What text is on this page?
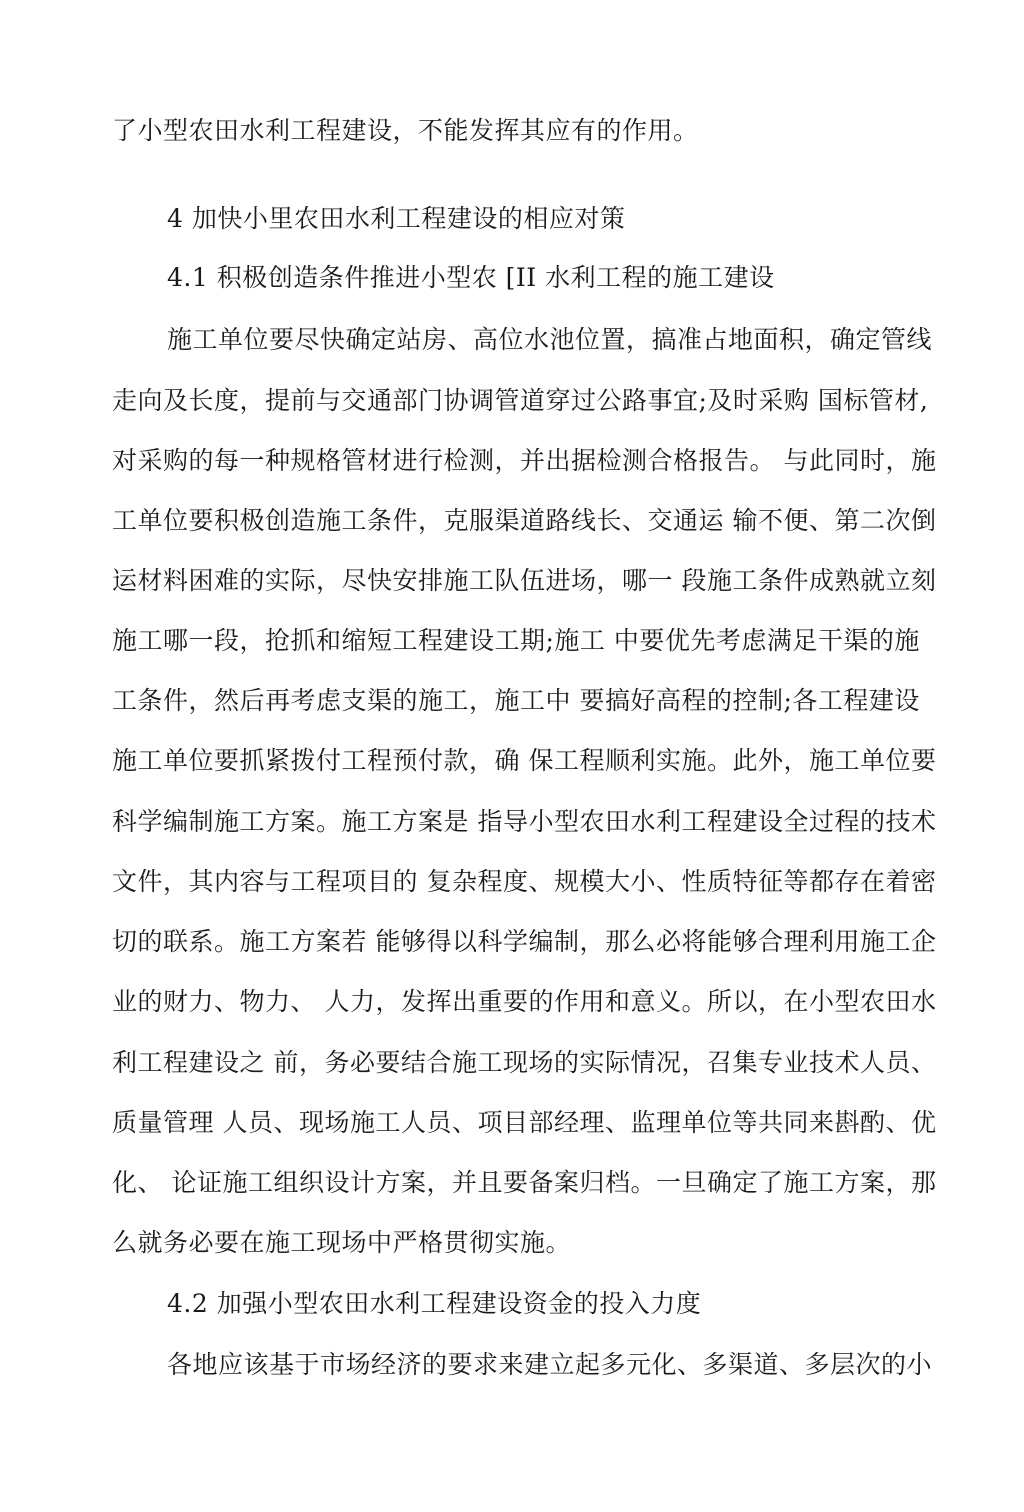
了小型农田水利工程建设，不能发挥其应有的作用。
4 加快小里农田水利工程建设的相应对策
4.1 积极创造条件推进小型农 [II 水利工程的施工建设
施工单位要尽快确定站房、高位水池位置，搞准占地面积，确定管线
走向及长度，提前与交通部门协调管道穿过公路事宜;及时采购 国标管材,
对采购的每一种规格管材进行检测，并出据检测合格报告。 与此同时，施
工单位要积极创造施工条件，克服渠道路线长、交通运 输不便、第二次倒
运材料困难的实际，尽快安排施工队伍进场，哪一 段施工条件成熟就立刻
施工哪一段，抢抓和缩短工程建设工期;施工 中要优先考虑满足干渠的施
工条件，然后再考虑支渠的施工，施工中 要搞好高程的控制;各工程建设
施工单位要抓紧拨付工程预付款，确 保工程顺利实施。此外，施工单位要
科学编制施工方案。施工方案是 指导小型农田水利工程建设全过程的技术
文件，其内容与工程项目的 复杂程度、规模大小、性质特征等都存在着密
切的联系。施工方案若 能够得以科学编制，那么必将能够合理利用施工企
业的财力、物力、 人力，发挥出重要的作用和意义。所以，在小型农田水
利工程建设之 前，务必要结合施工现场的实际情况，召集专业技术人员、
质量管理 人员、现场施工人员、项目部经理、监理单位等共同来斟酌、优
化、 论证施工组织设计方案，并且要备案归档。一旦确定了施工方案，那
么就务必要在施工现场中严格贯彻实施。
4.2 加强小型农田水利工程建设资金的投入力度
各地应该基于市场经济的要求来建立起多元化、多渠道、多层次的小
